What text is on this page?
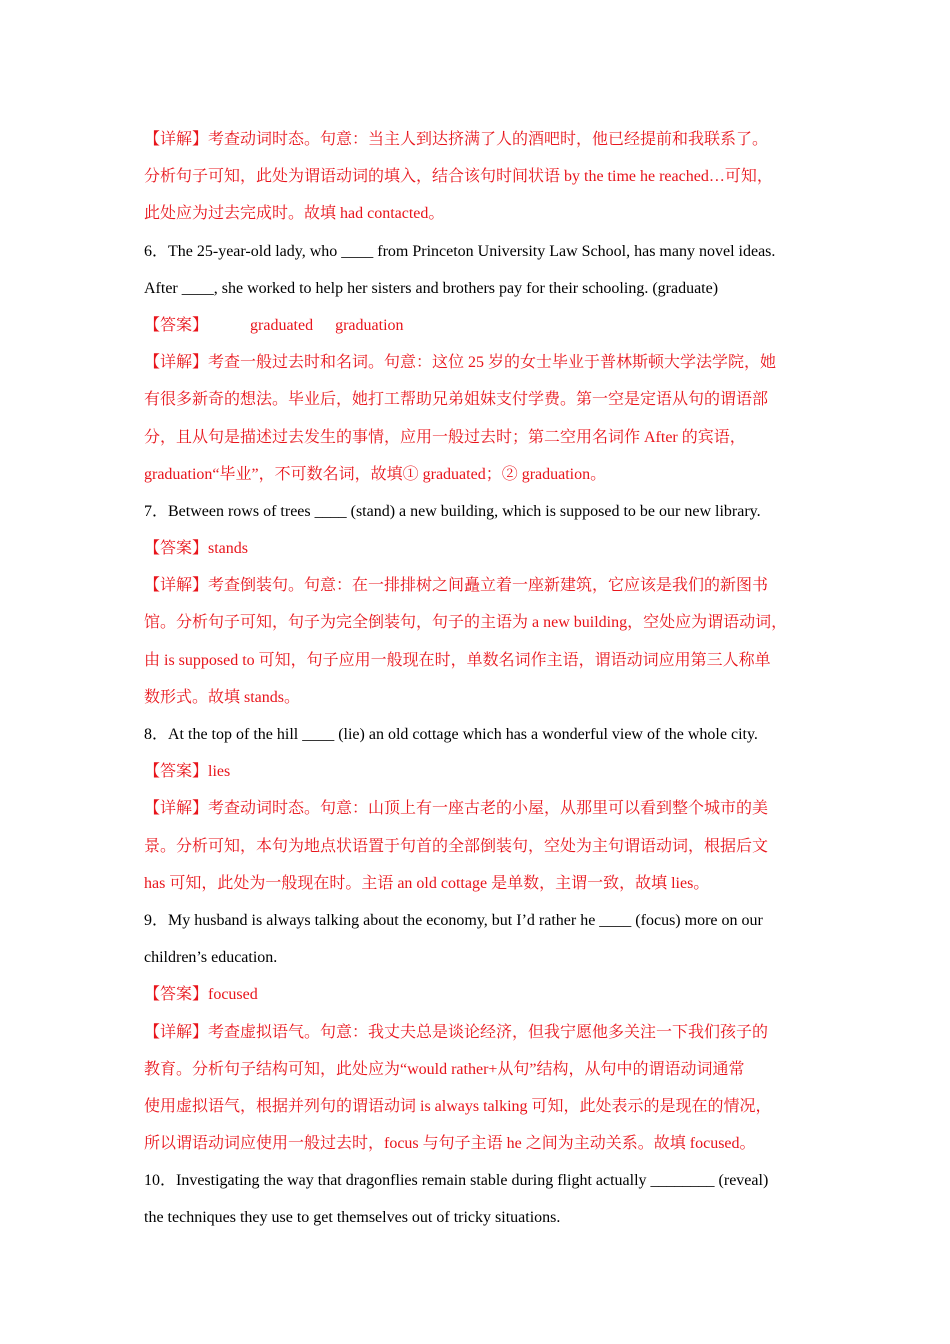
【详解】考查动词时态。句意：当主人到达挤满了人的酒吧时，他已经提前和我联系了。
分析句子可知，此处为谓语动词的填入，结合该句时间状语 by the time he reached…可知，
此处应为过去完成时。故填 had contacted。
6．The 25-year-old lady, who ____ from Princeton University Law School, has many novel ideas.
After ____, she worked to help her sisters and brothers pay for their schooling. (graduate)
【答案】	graduated graduation
【详解】考查一般过去时和名词。句意：这位 25 岁的女士毕业于普林斯顿大学法学院，她
有很多新奇的想法。毕业后，她打工帮助兄弟姐妹支付学费。第一空是定语从句的谓语部
分，且从句是描述过去发生的事情，应用一般过去时；第二空用名词作 After 的宾语，
graduation“毕业”，不可数名词，故填① graduated；② graduation。
7．Between rows of trees ____ (stand) a new building, which is supposed to be our new library.
【答案】stands
【详解】考查倒装句。句意：在一排排树之间矗立着一座新建筑，它应该是我们的新图书
馆。分析句子可知，句子为完全倒装句，句子的主语为 a new building，空处应为谓语动词，
由 is supposed to 可知，句子应用一般现在时，单数名词作主语，谓语动词应用第三人称单
数形式。故填 stands。
8．At the top of the hill ____ (lie) an old cottage which has a wonderful view of the whole city.
【答案】lies
【详解】考查动词时态。句意：山顶上有一座古老的小屋，从那里可以看到整个城市的美
景。分析可知，本句为地点状语置于句首的全部倒装句，空处为主句谓语动词，根据后文
has 可知，此处为一般现在时。主语 an old cottage 是单数，主谓一致，故填 lies。
9．My husband is always talking about the economy, but I’d rather he ____ (focus) more on our
children’s education.
【答案】focused
【详解】考查虚拟语气。句意：我丈夫总是谈论经济，但我宁愿他多关注一下我们孩子的
教育。分析句子结构可知，此处应为“would rather+从句”结构，从句中的谓语动词通常
使用虚拟语气，根据并列句的谓语动词 is always talking 可知，此处表示的是现在的情况，
所以谓语动词应使用一般过去时，focus 与句子主语 he 之间为主动关系。故填 focused。
10．Investigating the way that dragonflies remain stable during flight actually ________ (reveal)
the techniques they use to get themselves out of tricky situations.
